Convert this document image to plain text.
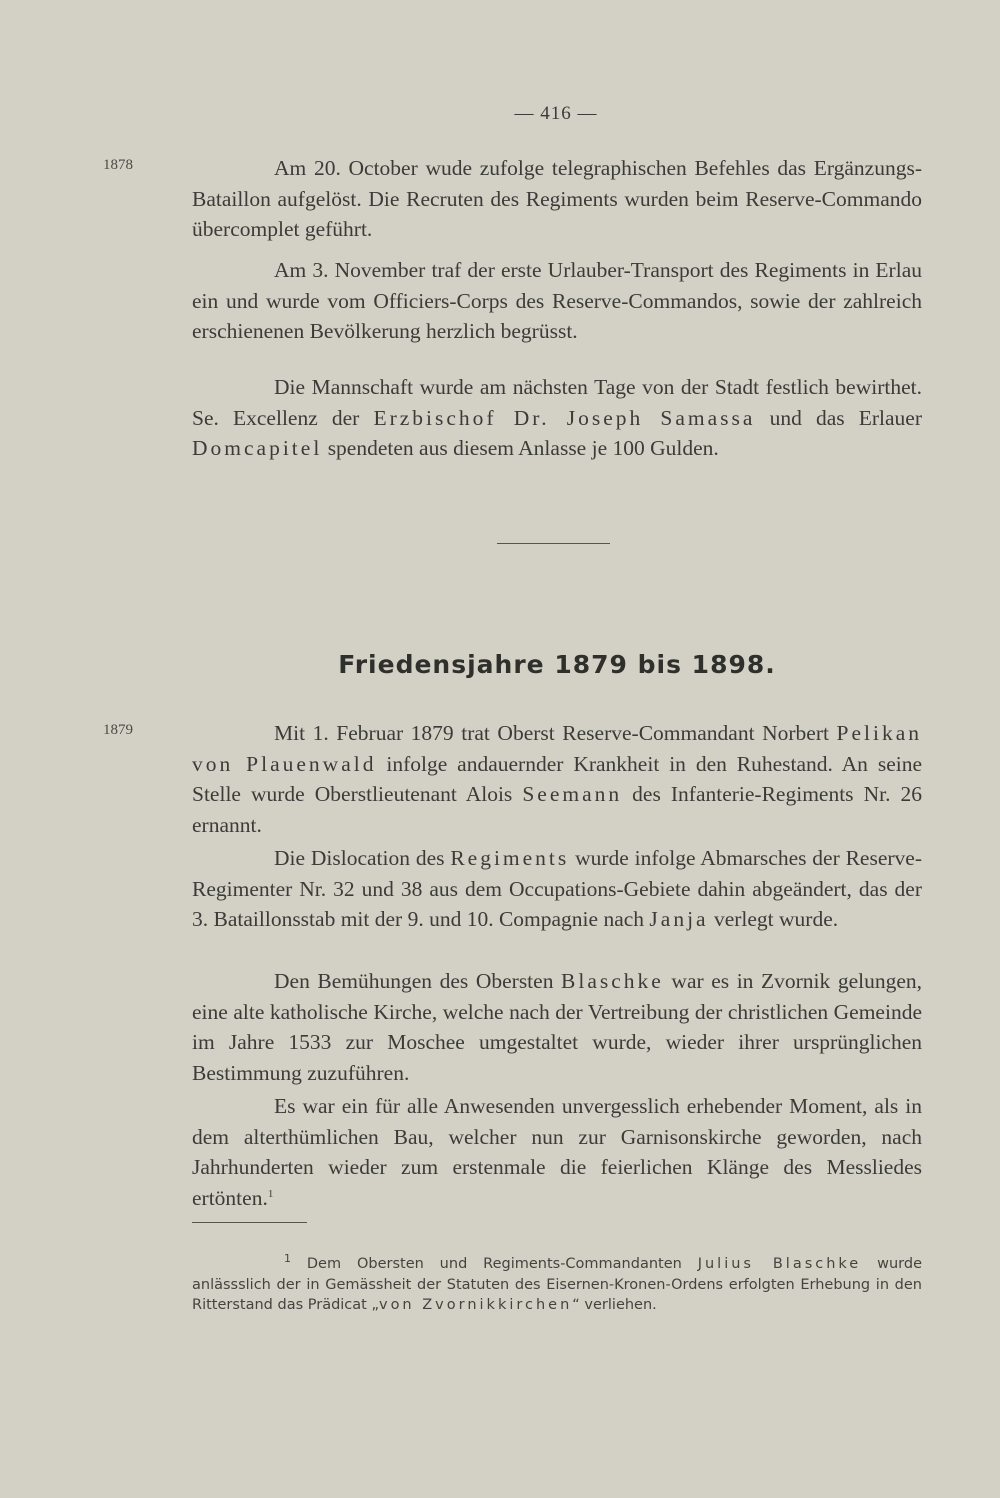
— 416 —
1878	Am 20. October wude zufolge telegraphischen Befehles das Ergänzungs-Bataillon aufgelöst. Die Recruten des Regiments wurden beim Reserve-Commando übercomplet geführt.

Am 3. November traf der erste Urlauber-Transport des Regiments in Erlau ein und wurde vom Officiers-Corps des Reserve-Commandos, sowie der zahlreich erschienenen Bevölkerung herzlich begrüsst.

Die Mannschaft wurde am nächsten Tage von der Stadt festlich bewirthet. Se. Excellenz der Erzbischof Dr. Joseph Samassa und das Erlauer Domcapitel spendeten aus diesem Anlasse je 100 Gulden.

Friedensjahre 1879 bis 1898.
1879	Mit 1. Februar 1879 trat Oberst Reserve-Commandant Norbert Pelikan von Plauenwald infolge andauernder Krankheit in den Ruhestand. An seine Stelle wurde Oberstlieutenant Alois Seemann des Infanterie-Regiments Nr. 26 ernannt.

Die Dislocation des Regiments wurde infolge Abmarsches der Reserve-Regimenter Nr. 32 und 38 aus dem Occupations-Gebiete dahin abgeändert, das der 3. Bataillonsstab mit der 9. und 10. Compagnie nach Janja verlegt wurde.

Den Bemühungen des Obersten Blaschke war es in Zvornik gelungen, eine alte katholische Kirche, welche nach der Vertreibung der christlichen Gemeinde im Jahre 1533 zur Moschee umgestaltet wurde, wieder ihrer ursprünglichen Bestimmung zuzuführen.

Es war ein für alle Anwesenden unvergesslich erhebender Moment, als in dem alterthümlichen Bau, welcher nun zur Garnisonskirche geworden, nach Jahrhunderten wieder zum erstenmale die feierlichen Klänge des Messliedes ertönten.$^1$

$^1$ Dem Obersten und Regiments-Commandanten Julius Blaschke wurde anlässslich der in Gemässheit der Statuten des Eisernen-Kronen-Ordens erfolgten Erhebung in den Ritterstand das Prädicat „von Zvornikkirchen“ verliehen.
